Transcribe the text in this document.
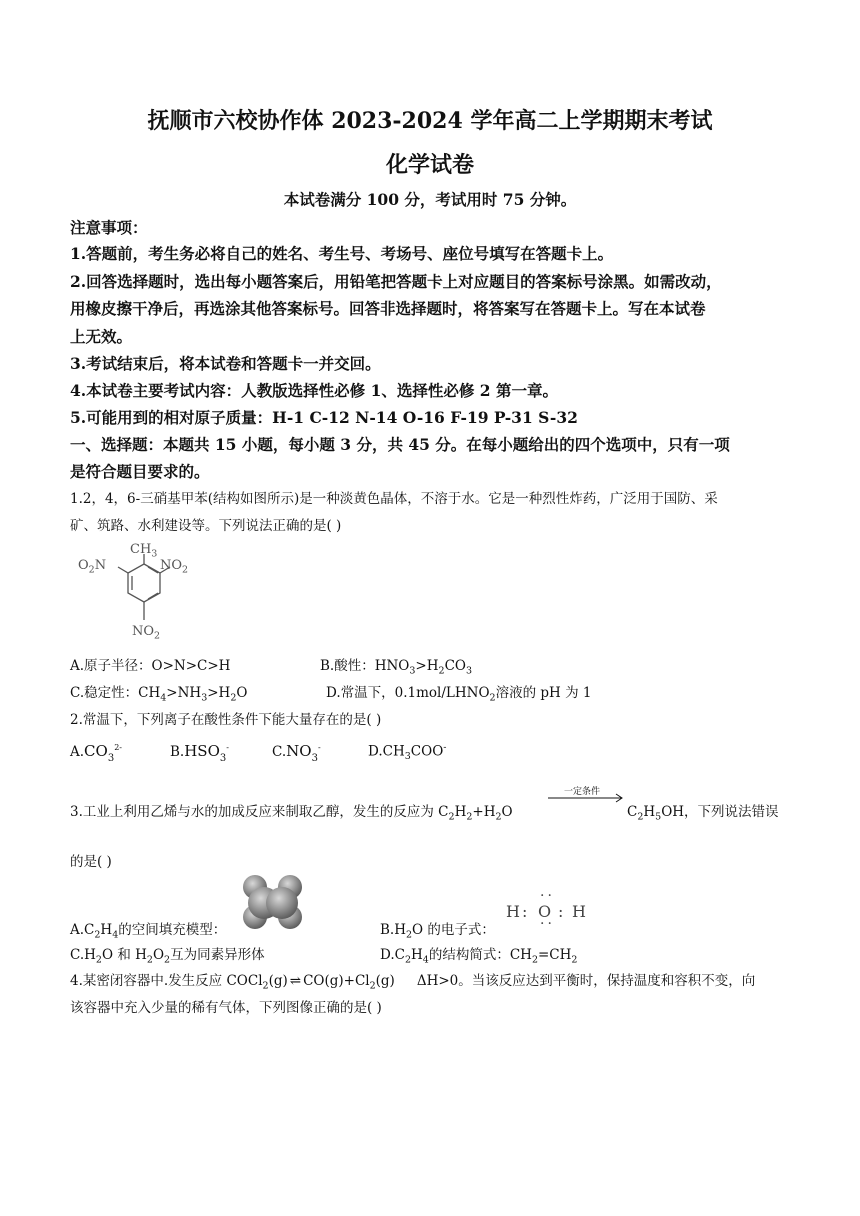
抚顺市六校协作体 2023-2024 学年高二上学期期末考试
化学试卷
本试卷满分 100 分，考试用时 75 分钟。
注意事项：
1.答题前，考生务必将自己的姓名、考生号、考场号、座位号填写在答题卡上。
2.回答选择题时，选出每小题答案后，用铅笔把答题卡上对应题目的答案标号涂黑。如需改动，
用橡皮擦干净后，再选涂其他答案标号。回答非选择题时，将答案写在答题卡上。写在本试卷
上无效。
3.考试结束后，将本试卷和答题卡一并交回。
4.本试卷主要考试内容：人教版选择性必修 1、选择性必修 2 第一章。
5.可能用到的相对原子质量：H-1 C-12 N-14 O-16 F-19 P-31 S-32
一、选择题：本题共 15 小题，每小题 3 分，共 45 分。在每小题给出的四个选项中，只有一项
是符合题目要求的。
1.2，4，6-三硝基甲苯(结构如图所示)是一种淡黄色晶体，不溶于水。它是一种烈性炸药，广泛用于国防、采
矿、筑路、水利建设等。下列说法正确的是( )
$CH_3$
$O_2N$	$NO_2$
$NO_2$
A.原子半径：O>N>C>H	B.酸性：$HNO_3>H_2CO_3$
C.稳定性：$CH_4>NH_3>H_2O$	D.常温下，$0.1mol/LHNO_2$溶液的 pH 为 1
2.常温下，下列离子在酸性条件下能大量存在的是( )
$A.CO_3^{2-}$	$B.HSO_3^-$	$C.NO_3^-$	$D.CH_3COO^-$
3.工业上利用乙烯与水的加成反应来制取乙醇，发生的反应为 $C_2H_2+H_2O$
一定条件
$C_2H_5OH$，下列说法错误
的是( )
$A.C_2H_4$的空间填充模型：	$B.H_2O$ 的电子式：
H : O : H
··
··
$C.H_2O$ 和 $H_2O_2$互为同素异形体	$D.C_2H_4$的结构简式：$CH_2=CH_2$
4.某密闭容器中.发生反应 COCl$_2$(g) ⇌ $CO(g)+Cl_2(g)$ ΔH>0。当该反应达到平衡时，保持温度和容积不变，向
该容器中充入少量的稀有气体，下列图像正确的是( )
